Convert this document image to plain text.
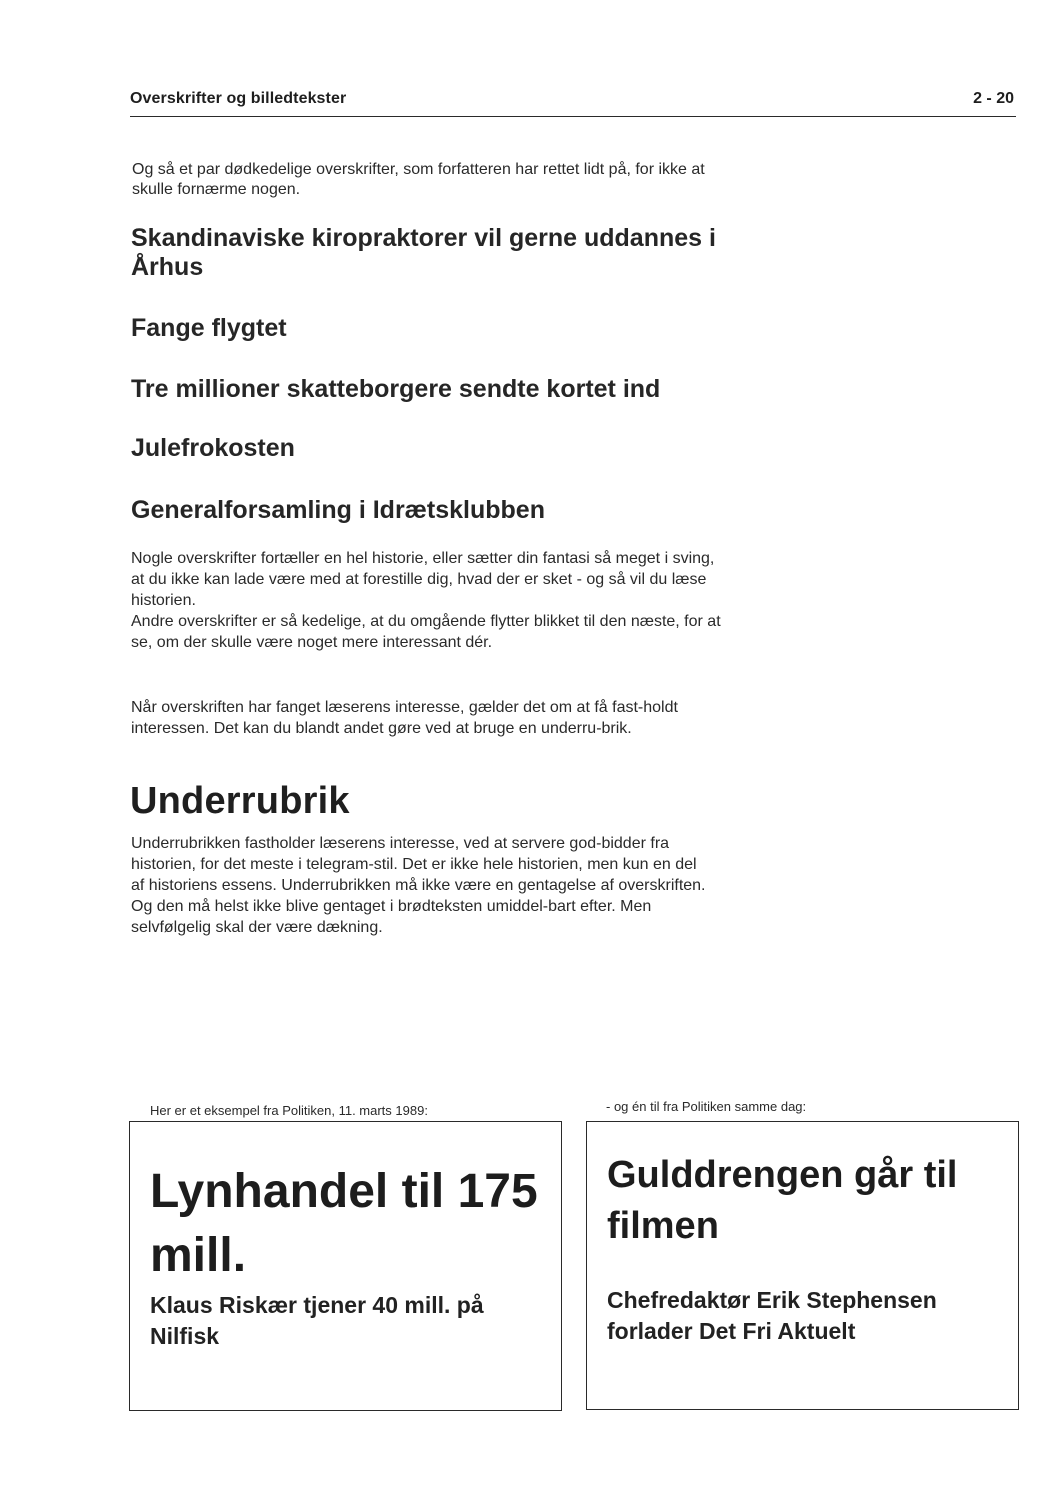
Overskrifter og billedtekster	2 - 20
Og så et par dødkedelige overskrifter, som forfatteren har rettet lidt på, for ikke at skulle fornærme nogen.
Skandinaviske kiropraktorer vil gerne uddannes i Århus
Fange flygtet
Tre millioner skatteborgere sendte kortet ind
Julefrokosten
Generalforsamling i Idrætsklubben
Nogle overskrifter fortæller en hel historie, eller sætter din fantasi så meget i sving, at du ikke kan lade være med at forestille dig, hvad der er sket - og så vil du læse historien.
Andre overskrifter er så kedelige, at du omgående flytter blikket til den næste, for at se, om der skulle være noget mere interessant dér.
Når overskriften har fanget læserens interesse, gælder det om at få fast-holdt interessen. Det kan du blandt andet gøre ved at bruge en underru-brik.
Underrubrik
Underrubrikken fastholder læserens interesse, ved at servere god-bidder fra historien, for det meste i telegram-stil. Det er ikke hele historien, men kun en del af historiens essens. Underrubrikken må ikke være en gentagelse af overskriften. Og den må helst ikke blive gentaget i brødteksten umiddel-bart efter. Men selvfølgelig skal der være dækning.
Her er et eksempel fra Politiken, 11. marts 1989:	- og én til fra Politiken samme dag:
Lynhandel til 175 mill.
Klaus Riskær tjener 40 mill. på Nilfisk
Gulddrengen går til filmen
Chefredaktør Erik Stephensen forlader Det Fri Aktuelt
